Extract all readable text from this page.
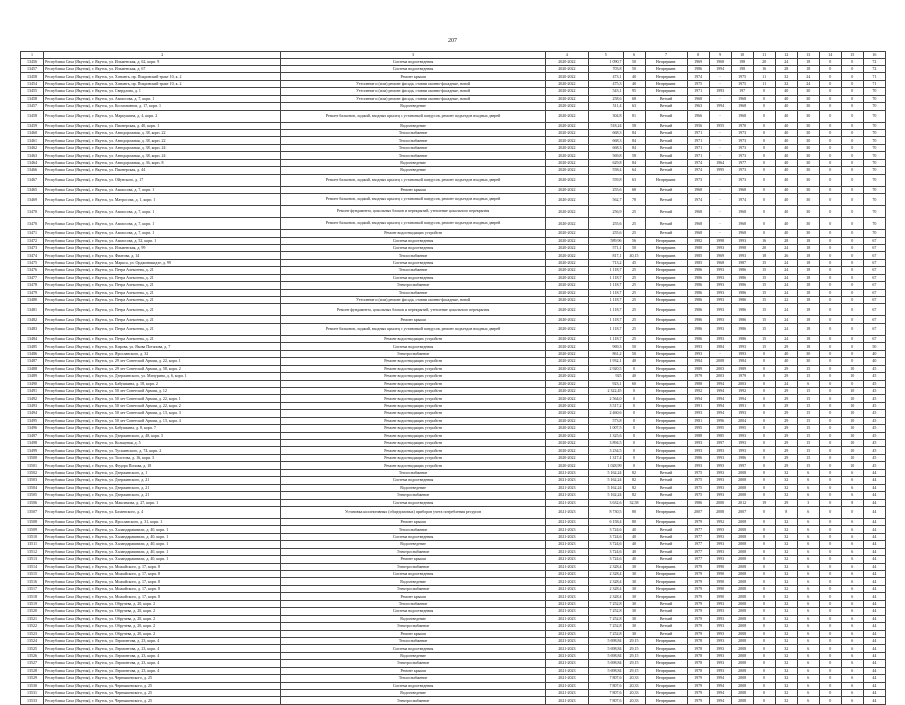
207
1	2	3	4	5	6	7	8	9	10	11	12	13	14	15	16
13456	Республика Саха (Якутия), г. Якутск, ул. Ильменская, д. 62, корп. 9	Система водоотведения	2020-2022	1 090,7	50	Непрерывн.	1969	1968	198	20	24	18	0	0	72
13457	Республика Саха (Якутия), г. Якутск, ул. Ильменская, д. 67	Система водоотведения	2020-2022	703,8	50	Непрерывн.	1986	1994	198	16	28	18	0	0	72
13458	Республика Саха (Якутия), г. Якутск, ул. Хатынгь, пр. Покровский тракт 10, к. 2	Ремонт крыши	2020-2022	473,1	40	Непрерывн.	1974	-	1975	11	32	24	0	0	71
13454	Республика Саха (Якутия), г. Якутск, ул. Хатынгь, пр. Покровский тракт 10, к. 2	Утепление и (или) ремонт фасада, ставни оконно-фасадные, новой	2020-2022	475,3	40	Непрерывн.	1975	-	1975	11	32	24	0	0	71
13455	Республика Саха (Якутия), г. Якутск, ул. Свердлова, д. 1	Утепление и (или) ремонт фасада, ставни оконно-фасадные, новой	2020-2022	543,1	95	Непрерывн.	1971	1993	197	0	40	30	0	0	70
13458	Республика Саха (Якутия), г. Якутск, ул. Аммосова, д. 7, корп. 1	Утепление и (или) ремонт фасада, ставни оконно-фасадные, новой	2020-2022	258,6	68	Ветхий	1968	-	1968	0	40	30	0	0	70
13457	Республика Саха (Якутия), г. Якутск, ул. Космонавтов, д. 17, корп. 1	Водоотведение	2020-2022	511,4	63	Ветхий	1963	1994	1968	0	40	30	0	0	70
13458	Республика Саха (Якутия), г. Якутск, ул. Маркушина, д. 4, корп. 2	Ремонт балконов, лоджий, входных крылец с установкой пандусов, ремонт подъездов входных дверей	2020-2022	304,8	81	Ветхий	1966	-	1968	0	40	30	0	0	70
13459	Республика Саха (Якутия), г. Якутск, ул. Пионерская, д. 40, корп. 1	Водоотведение	2020-2022	518,24	58	Ветхий	1956	1955	1970	0	40	30	0	0	70
13460	Республика Саха (Якутия), г. Якутск, ул. Автодорожная, д. 38, корп. 22	Теплоснабжение	2020-2022	668,3	84	Ветхий	1971	-	1973	0	40	30	0	0	70
13461	Республика Саха (Якутия), г. Якутск, ул. Автодорожная, д. 38, корп. 22	Теплоснабжение	2020-2022	668,3	84	Ветхий	1971	-	1973	0	40	30	0	0	70
13462	Республика Саха (Якутия), г. Якутск, ул. Автодорожная, д. 38, корп. 24	Теплоснабжение	2020-2022	668,3	84	Ветхий	1971	-	1973	0	40	30	0	0	70
13463	Республика Саха (Якутия), г. Якутск, ул. Автодорожная, д. 38, корп. 24	Теплоснабжение	2020-2022	569,8	58	Ветхий	1971	-	1973	0	40	30	0	0	70
13464	Республика Саха (Якутия), г. Якутск, ул. Автодорожная, д. 36, корп. 8	Водоотведение	2020-2022	629,8	84	Ветхий	1974	1964	1977	0	40	30	0	0	70
13466	Республика Саха (Якутия), г. Якутск, ул. Пионерская, д. 44	Водоотведение	2020-2022	558,4	64	Ветхий	1974	1995	1973	0	40	30	0	0	70
13467	Республика Саха (Якутия), г. Якутск, ул. Ойунского, д. 17	Ремонт балконов, лоджий, входных крылец с установкой пандусов, ремонт подъездов входных дверей	2020-2022	559,8	63	Непрерывн.	1973	-	1973	0	40	30	0	0	70
13465	Республика Саха (Якутия), г. Якутск, ул. Аммосова, д. 7, корп. 1	Ремонт крыши	2020-2022	255,6	68	Ветхий	1968	-	1968	0	40	30	0	0	70
13469	Республика Саха (Якутия), г. Якутск, ул. Матросова, д. 1, корп. 1	Ремонт балконов, лоджий, входных крылец с установкой пандусов, ремонт подъездов входных дверей	2020-2022	562,7	78	Ветхий	1974	-	1974	0	40	30	0	0	70
13470	Республика Саха (Якутия), г. Якутск, ул. Аммосова, д. 7, корп. 1	Ремонт фундамента, цокольных блоков и перекрытий, утепление цокольного перекрытия	2020-2022	256,9	25	Ветхий	1968	-	1968	0	40	30	0	0	70
13470	Республика Саха (Якутия), г. Якутск, ул. Аммосова, д. 7, корп. 1	Ремонт балконов, лоджий, входных крылец с установкой пандусов, ремонт подъездов входных дверей	2020-2022	255,6	25	Ветхий	1968	-	1968	0	40	30	0	0	70
13471	Республика Саха (Якутия), г. Якутск, ул. Аммосова, д. 7, корп. 1	Ремонт водоотводящих устройств	2020-2022	255,6	25	Ветхий	1968	-	1968	0	40	30	0	0	70
13472	Республика Саха (Якутия), г. Якутск, ул. Аммосова, д. 52, корп. 1	Система водоотведения	2020-2022	589,96	56	Непрерывн.	1982	1998	1993	16	28	18	0	0	67
13473	Республика Саха (Якутия), г. Якутск, ул. Ильменская, д. 99	Система водоотведения	2020-2022	571,1	50	Непрерывн.	1980	1993	1998	20	24	18	0	0	67
13474	Республика Саха (Якутия), г. Якутск, ул. Фиатова, д. 14	Теплоснабжение	2020-2022	817,1	40,15	Непрерывн.	1985	1969	1993	18	26	18	0	0	67
13475	Республика Саха (Якутия), г. Якутск, ул. Маркса, ул. Орджоникидзе, д. 99	Система водоотведения	2020-2022	713,2	45	Непрерывн.	1985	1968	1987	15	24	18	0	0	67
13476	Республика Саха (Якутия), г. Якутск, ул. Петра Алексеева, д. 21	Теплоснабжение	2020-2022	1 118,7	25	Непрерывн.	1986	1993	1986	15	24	18	0	0	67
13477	Республика Саха (Якутия), г. Якутск, ул. Петра Алексеева, д. 21	Система водоотведения	2020-2022	1 118,7	25	Непрерывн.	1986	1993	1986	15	24	18	0	0	67
13478	Республика Саха (Якутия), г. Якутск, ул. Петра Алексеева, д. 21	Электроснабжение	2020-2022	1 118,7	25	Непрерывн.	1986	1993	1986	15	24	18	0	0	67
13479	Республика Саха (Якутия), г. Якутск, ул. Петра Алексеева, д. 21	Теплоснабжение	2020-2022	1 118,7	25	Непрерывн.	1986	1993	1986	15	24	18	0	0	67
13480	Республика Саха (Якутия), г. Якутск, ул. Петра Алексеева, д. 21	Утепление и (или) ремонт фасада, ставни оконно-фасадные, новой	2020-2022	1 118,7	25	Непрерывн.	1986	1993	1986	15	22	18	0	0	67
13481	Республика Саха (Якутия), г. Якутск, ул. Петра Алексеева, д. 21	Ремонт фундамента, цокольных блоков и перекрытий, утепление цокольного перекрытия	2020-2022	1 118,7	25	Непрерывн.	1986	1993	1986	15	24	18	0	0	67
13482	Республика Саха (Якутия), г. Якутск, ул. Петра Алексеева, д. 21	Ремонт крыши	2020-2022	1 118,7	25	Непрерывн.	1986	1993	1986	15	24	18	0	0	67
13483	Республика Саха (Якутия), г. Якутск, ул. Петра Алексеева, д. 21	Ремонт балконов, лоджий, входных крылец с установкой пандусов, ремонт подъездов входных дверей	2020-2022	1 118,7	25	Непрерывн.	1986	1993	1986	15	24	18	0	0	67
13484	Республика Саха (Якутия), г. Якутск, ул. Петра Алексеева, д. 21	Ремонт водоотводящих устройств	2020-2022	1 118,7	25	Непрерывн.	1986	1993	1986	15	24	18	0	0	67
13485	Республика Саха (Якутия), г. Якутск, ул. Кирова, ул. Якова Потапова, д. 7	Система водоотведения	2020-2022	969,3	50	Непрерывн.	1993	1984	1993	15	29	18	0	0	50
13486	Республика Саха (Якутия), г. Якутск, ул. Ярославского, д. 32	Электроснабжение	2020-2022	861,2	50	Непрерывн.	1993	-	1993	0	40	30	0	0	40
13487	Республика Саха (Якутия), г. Якутск, ул. 29 лет Советской Армии, д. 22, корп. 1	Ремонт водоотводящих устройств	2020-2022	1 932,1	40	Непрерывн.	1984	2008	1984	0	40	30	0	0	40
13488	Республика Саха (Якутия), г. Якутск, ул. 29 лет Советской Армии, д. 58, корп. 2	Ремонт водоотводящих устройств	2020-2022	2 920,5	0	Непрерывн.	1989	2003	1989	0	29	15	0	10	45
13489	Республика Саха (Якутия), г. Якутск, ул. Дзержинского, ул. Мичурина, д. 6, корп. 1	Ремонт водоотводящих устройств	2020-2022	925	40	Непрерывн.	1979	2003	1979	0	29	15	0	10	45
13490	Республика Саха (Якутия), г. Якутск, ул. Бабушкина, д. 18, корп. 2	Ремонт водоотводящих устройств	2020-2022	923,1	60	Непрерывн.	1988	1994	2003	0	24	6	0	0	45
13491	Республика Саха (Якутия), г. Якутск, ул. 50 лет Советской Армии, д. 12	Ремонт водоотводящих устройств	2020-2022	2 322,45	0	Непрерывн.	1992	1994	1992	0	29	15	0	10	45
13492	Республика Саха (Якутия), г. Якутск, ул. 50 лет Советской Армии, д. 22, корп. 1	Ремонт водоотводящих устройств	2020-2022	2 564,0	0	Непрерывн.	1994	1994	1994	0	29	15	0	10	45
13493	Республика Саха (Якутия), г. Якутск, ул. 50 лет Советской Армии, д. 22, корп. 2	Ремонт водоотводящих устройств	2020-2022	3 517,2	0	Непрерывн.	1991	1994	1991	0	29	15	0	10	45
13494	Республика Саха (Якутия), г. Якутск, ул. 50 лет Советской Армии, д. 13, корп. 3	Ремонт водоотводящих устройств	2020-2022	2 460,6	0	Непрерывн.	1993	1994	1993	0	29	15	0	10	45
13495	Республика Саха (Якутия), г. Якутск, ул. 50 лет Советской Армии, д. 13, корп. 4	Ремонт водоотводящих устройств	2020-2022	573,8	0	Непрерывн.	1981	1996	2004	0	29	15	0	10	45
13496	Республика Саха (Якутия), г. Якутск, ул. Бабушкина, д. 8, корп. 7	Ремонт водоотводящих устройств	2020-2022	1 007,5	0	Непрерывн.	1995	1995	1995	0	29	15	0	10	45
13497	Республика Саха (Якутия), г. Якутск, ул. Дзержинского, д. 48, корп. 5	Ремонт водоотводящих устройств	2020-2022	1 325,6	0	Непрерывн.	1988	1985	1993	0	29	15	0	10	45
13498	Республика Саха (Якутия), г. Якутск, ул. Кольцевая, д. 5	Ремонт водоотводящих устройств	2020-2022	3 894,5	0	Непрерывн.	1993	1997	1993	0	29	15	0	10	45
13499	Республика Саха (Якутия), г. Якутск, ул. Тускаевского, д. 74, корп. 2	Ремонт водоотводящих устройств	2020-2022	3 234,5	0	Непрерывн.	1993	1993	1993	0	29	15	0	10	45
13500	Республика Саха (Якутия), г. Якутск, ул. Толстова, д. 16, корп. 3	Ремонт водоотводящих устройств	2020-2022	1 317,4	0	Непрерывн.	1986	1993	1986	0	29	15	0	10	45
13501	Республика Саха (Якутия), г. Якутск, ул. Федора Попова, д. 18	Ремонт водоотводящих устройств	2020-2022	1 028,99	0	Непрерывн.	1993	1993	1997	0	29	15	0	10	45
13502	Республика Саха (Якутия), г. Якутск, ул. Дзержинского, д. 1	Теплоснабжение	2021-2023	5 162,24	82	Ветхий	1975	1993	2008	0	32	6	0	6	44
13503	Республика Саха (Якутия), г. Якутск, ул. Дзержинского, д. 21	Система водоотведения	2021-2023	5 162,24	82	Ветхий	1975	1993	2008	0	32	6	0	6	44
13504	Республика Саха (Якутия), г. Якутск, ул. Дзержинского, д. 21	Водоотведение	2021-2023	5 162,24	82	Ветхий	1975	1993	2008	0	32	6	0	6	44
13505	Республика Саха (Якутия), г. Якутск, ул. Дзержинского, д. 21	Электроснабжение	2021-2023	5 162,24	82	Ветхий	1975	1993	2008	0	32	6	0	6	44
13506	Республика Саха (Якутия), г. Якутск, ул. Максимова, д. 27, корп. 1	Система водоотведения	2021-2023	3 632,6	32,58	Непрерывн.	1986	2000	2012	19	29	3	0	8	44
13507	Республика Саха (Якутия), г. Якутск, ул. Базаевского, д. 4	Установка коллективных (общедомовых) приборов учета потребления ресурсов	2021-2023	8 730,5	80	Непрерывн.	2007	2008	2007	0	8	6	0	0	44
13508	Республика Саха (Якутия), г. Якутск, ул. Ярославского, д. 31, корп. 1	Ремонт крыши	2021-2023	6 158,4	80	Непрерывн.	1979	1992	2008	0	32	6	0	6	44
13509	Республика Саха (Якутия), г. Якутск, ул. Халандарашвили, д. 40, корп. 1	Теплоснабжение	2021-2023	3 724,6	40	Ветхий	1977	1993	2008	0	32	6	0	6	44
13510	Республика Саха (Якутия), г. Якутск, ул. Халандарашвили, д. 40, корп. 1	Система водоотведения	2021-2023	3 724,6	40	Ветхий	1977	1993	2008	0	32	6	0	6	44
13511	Республика Саха (Якутия), г. Якутск, ул. Халандарашвили, д. 40, корп. 1	Водоотведение	2021-2023	3 724,6	40	Ветхий	1977	1993	2008	0	32	6	0	6	44
13512	Республика Саха (Якутия), г. Якутск, ул. Халандарашвили, д. 40, корп. 1	Электроснабжение	2021-2023	3 724,6	40	Ветхий	1977	1993	2008	0	32	6	0	6	44
13513	Республика Саха (Якутия), г. Якутск, ул. Халандарашвили, д. 40, корп. 1	Ремонт крыши	2021-2023	3 724,6	40	Ветхий	1977	1993	2008	0	32	6	0	6	44
13514	Республика Саха (Якутия), г. Якутск, ул. Можайского, д. 17, корп. 8	Электроснабжение	2021-2023	2 328,4	30	Непрерывн.	1979	1990	2008	0	32	6	0	6	44
13515	Республика Саха (Якутия), г. Якутск, ул. Можайского, д. 17, корп. 8	Система водоотведения	2021-2023	2 328,4	30	Непрерывн.	1979	1990	2008	0	32	6	0	6	44
13516	Республика Саха (Якутия), г. Якутск, ул. Можайского, д. 17, корп. 8	Водоотведение	2021-2023	2 328,4	30	Непрерывн.	1979	1990	2008	0	32	6	0	6	44
13517	Республика Саха (Якутия), г. Якутск, ул. Можайского, д. 17, корп. 8	Электроснабжение	2021-2023	2 328,4	30	Непрерывн.	1979	1990	2008	0	32	6	0	6	44
13518	Республика Саха (Якутия), г. Якутск, ул. Можайского, д. 17, корп. 8	Ремонт крыши	2021-2023	2 328,4	30	Непрерывн.	1979	1990	2008	0	32	6	0	6	44
13519	Республика Саха (Якутия), г. Якутск, ул. Обручева, д. 20, корп. 2	Теплоснабжение	2021-2023	7 252,8	30	Ветхий	1979	1993	2008	0	32	6	0	6	44
13520	Республика Саха (Якутия), г. Якутск, ул. Обручева, д. 20, корп. 2	Система водоотведения	2021-2023	7 252,8	30	Ветхий	1979	1993	2008	0	32	6	0	6	44
13521	Республика Саха (Якутия), г. Якутск, ул. Обручева, д. 20, корп. 2	Водоотведение	2021-2023	7 252,8	30	Ветхий	1979	1993	2008	0	32	6	0	6	44
13522	Республика Саха (Якутия), г. Якутск, ул. Обручева, д. 20, корп. 2	Электроснабжение	2021-2023	7 252,8	30	Ветхий	1979	1993	2008	0	32	6	0	6	44
13523	Республика Саха (Якутия), г. Якутск, ул. Обручева, д. 20, корп. 2	Ремонт крыши	2021-2023	7 252,8	30	Ветхий	1979	1993	2008	0	32	6	0	6	44
13524	Республика Саха (Якутия), г. Якутск, ул. Лермонтова, д. 23, корп. 4	Теплоснабжение	2021-2023	5 698,84	29,15	Непрерывн.	1978	1993	2008	0	32	6	0	6	44
13525	Республика Саха (Якутия), г. Якутск, ул. Лермонтова, д. 23, корп. 4	Система водоотведения	2021-2023	5 698,84	29,15	Непрерывн.	1978	1993	2008	0	32	6	0	6	44
13526	Республика Саха (Якутия), г. Якутск, ул. Лермонтова, д. 23, корп. 4	Водоотведение	2021-2023	5 698,84	29,15	Непрерывн.	1978	1993	2008	0	32	6	0	6	44
13527	Республика Саха (Якутия), г. Якутск, ул. Лермонтова, д. 23, корп. 4	Электроснабжение	2021-2023	5 698,84	29,15	Непрерывн.	1978	1993	2008	0	32	6	0	6	44
13528	Республика Саха (Якутия), г. Якутск, ул. Лермонтова, д. 23, корп. 4	Ремонт крыши	2021-2023	5 698,84	29,15	Непрерывн.	1978	1993	2008	0	32	6	0	6	44
13529	Республика Саха (Якутия), г. Якутск, ул. Чернышевского, д. 25	Теплоснабжение	2021-2023	7 807,6	20,33	Непрерывн.	1979	1994	2008	0	32	6	0	6	44
13530	Республика Саха (Якутия), г. Якутск, ул. Чернышевского, д. 25	Система водоотведения	2021-2023	7 807,6	20,33	Непрерывн.	1979	1994	2008	0	32	6	0	6	44
13531	Республика Саха (Якутия), г. Якутск, ул. Чернышевского, д. 25	Водоотведение	2021-2023	7 807,6	20,33	Непрерывн.	1979	1994	2008	0	32	6	0	6	44
13533	Республика Саха (Якутия), г. Якутск, ул. Чернышевского, д. 25	Электроснабжение	2021-2023	7 807,6	20,33	Непрерывн.	1979	1994	2008	0	32	6	0	6	44
